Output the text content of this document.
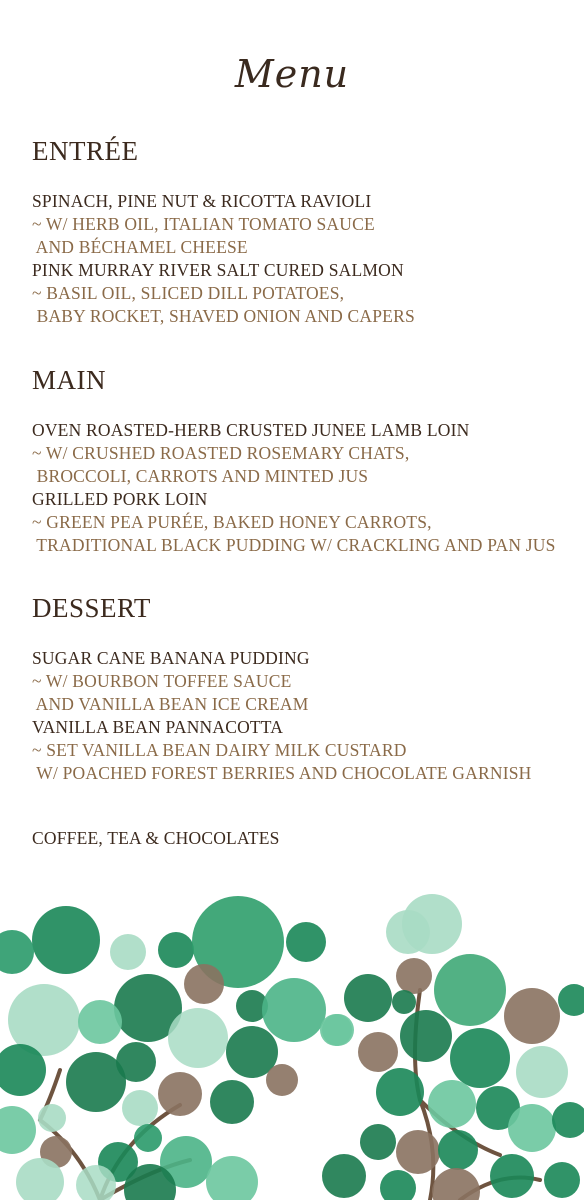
Menu
ENTRÉE
SPINACH, PINE NUT & RICOTTA RAVIOLI
~ W/ HERB OIL, ITALIAN TOMATO SAUCE
AND BÉCHAMEL CHEESE
PINK MURRAY RIVER SALT CURED SALMON
~ BASIL OIL, SLICED DILL POTATOES,
BABY ROCKET, SHAVED ONION AND CAPERS
MAIN
OVEN ROASTED-HERB CRUSTED JUNEE LAMB LOIN
~ W/ CRUSHED ROASTED ROSEMARY CHATS,
BROCCOLI, CARROTS AND MINTED JUS
GRILLED PORK LOIN
~ GREEN PEA PURÉE, BAKED HONEY CARROTS,
TRADITIONAL BLACK PUDDING W/ CRACKLING AND PAN JUS
DESSERT
SUGAR CANE BANANA PUDDING
~ W/ BOURBON TOFFEE SAUCE
AND VANILLA BEAN ICE CREAM
VANILLA BEAN PANNACOTTA
~ SET VANILLA BEAN DAIRY MILK CUSTARD
W/ POACHED FOREST BERRIES AND CHOCOLATE GARNISH
COFFEE, TEA & CHOCOLATES
